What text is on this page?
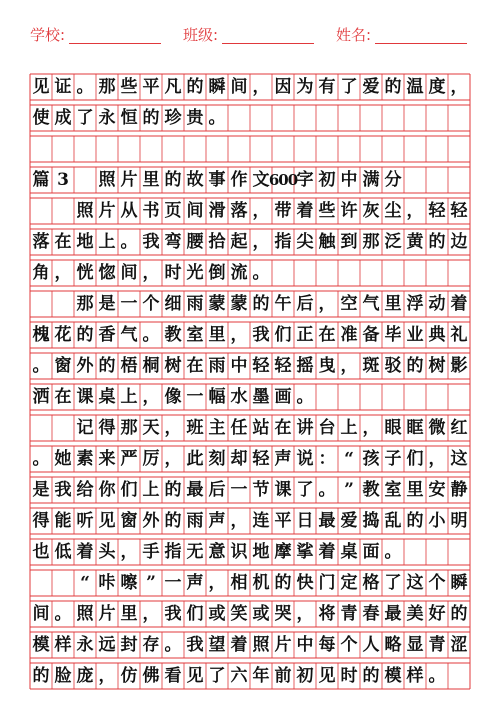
学校:	班级:	姓名:
见 证 。 那 些 平 凡 的 瞬 间 ， 因 为 有 了 爱 的 温 度 ，
使 成 了 永 恒 的 珍 贵 。
篇 3	照 片 里 的 故 事 作 文 600 字 初 中 满 分
照 片 从 书 页 间 滑 落 ， 带 着 些 许 灰 尘 ， 轻 轻
落 在 地 上 。 我 弯 腰 拾 起 ， 指 尖 触 到 那 泛 黄 的 边
角 ， 恍 惚 间 ， 时 光 倒 流 。
那 是 一 个 细 雨 蒙 蒙 的 午 后 ， 空 气 里 浮 动 着
槐 花 的 香 气 。 教 室 里 ， 我 们 正 在 准 备 毕 业 典 礼
。 窗 外 的 梧 桐 树 在 雨 中 轻 轻 摇 曳 ， 斑 驳 的 树 影
洒 在 课 桌 上 ， 像 一 幅 水 墨 画 。
记 得 那 天 ， 班 主 任 站 在 讲 台 上 ， 眼 眶 微 红
。 她 素 来 严 厉 ， 此 刻 却 轻 声 说 ： “ 孩 子 们 ， 这
是 我 给 你 们 上 的 最 后 一 节 课 了 。 ” 教 室 里 安 静
得 能 听 见 窗 外 的 雨 声 ， 连 平 日 最 爱 捣 乱 的 小 明
也 低 着 头 ， 手 指 无 意 识 地 摩 挲 着 桌 面 。
“ 咔 嚓 ” 一 声 ， 相 机 的 快 门 定 格 了 这 个 瞬
间 。 照 片 里 ， 我 们 或 笑 或 哭 ， 将 青 春 最 美 好 的
模 样 永 远 封 存 。 我 望 着 照 片 中 每 个 人 略 显 青 涩
的 脸 庞 ， 仿 佛 看 见 了 六 年 前 初 见 时 的 模 样 。
